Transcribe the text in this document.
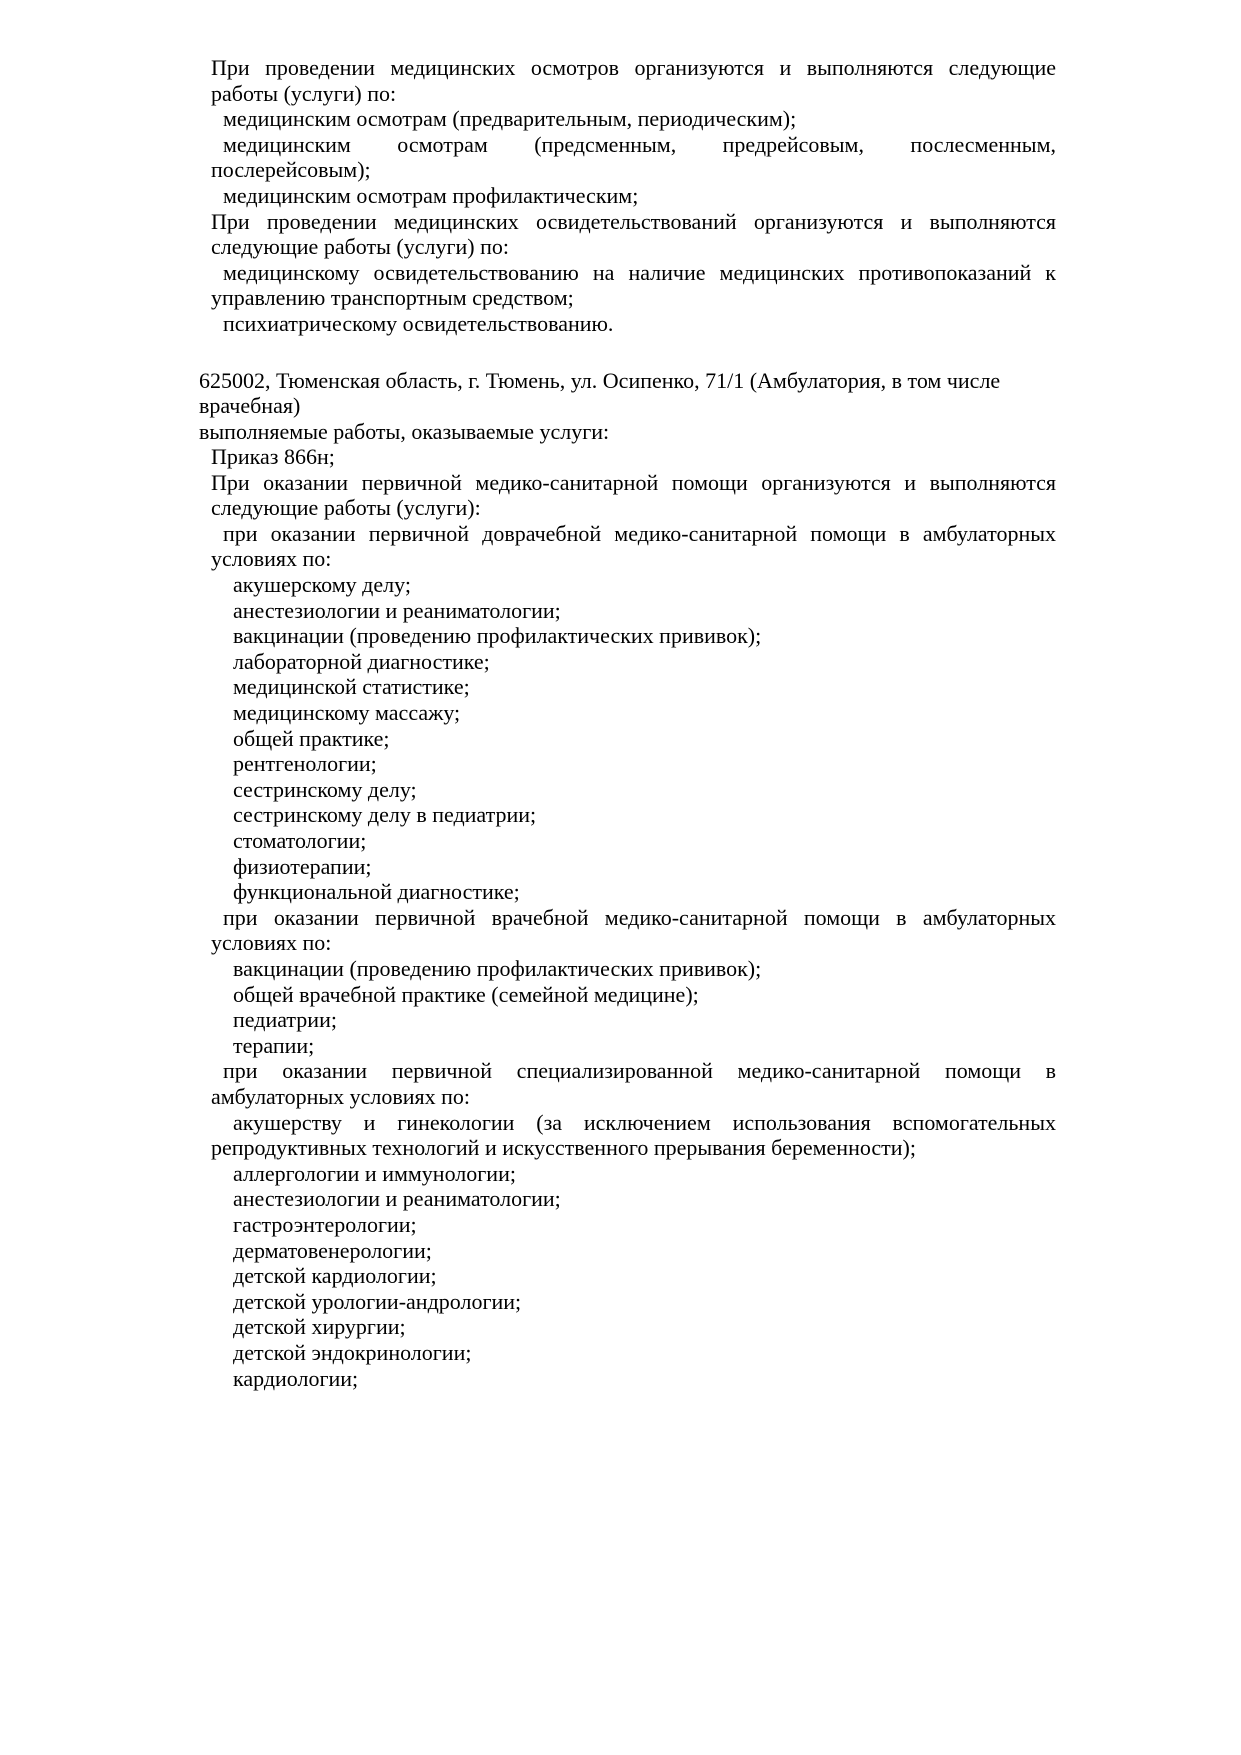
При проведении медицинских осмотров организуются и выполняются следующие
работы (услуги) по:
медицинским осмотрам (предварительным, периодическим);
медицинским осмотрам (предсменным, предрейсовым, послесменным,
послерейсовым);
медицинским осмотрам профилактическим;
При проведении медицинских освидетельствований организуются и выполняются
следующие работы (услуги) по:
медицинскому освидетельствованию на наличие медицинских противопоказаний к
управлению транспортным средством;
психиатрическому освидетельствованию.
625002, Тюменская область, г. Тюмень, ул. Осипенко, 71/1 (Амбулатория, в том числе
врачебная)
выполняемые работы, оказываемые услуги:
Приказ 866н;
При оказании первичной медико-санитарной помощи организуются и выполняются
следующие работы (услуги):
при оказании первичной доврачебной медико-санитарной помощи в амбулаторных
условиях по:
акушерскому делу;
анестезиологии и реаниматологии;
вакцинации (проведению профилактических прививок);
лабораторной диагностике;
медицинской статистике;
медицинскому массажу;
общей практике;
рентгенологии;
сестринскому делу;
сестринскому делу в педиатрии;
стоматологии;
физиотерапии;
функциональной диагностике;
при оказании первичной врачебной медико-санитарной помощи в амбулаторных
условиях по:
вакцинации (проведению профилактических прививок);
общей врачебной практике (семейной медицине);
педиатрии;
терапии;
при оказании первичной специализированной медико-санитарной помощи в
амбулаторных условиях по:
акушерству и гинекологии (за исключением использования вспомогательных
репродуктивных технологий и искусственного прерывания беременности);
аллергологии и иммунологии;
анестезиологии и реаниматологии;
гастроэнтерологии;
дерматовенерологии;
детской кардиологии;
детской урологии-андрологии;
детской хирургии;
детской эндокринологии;
кардиологии;
